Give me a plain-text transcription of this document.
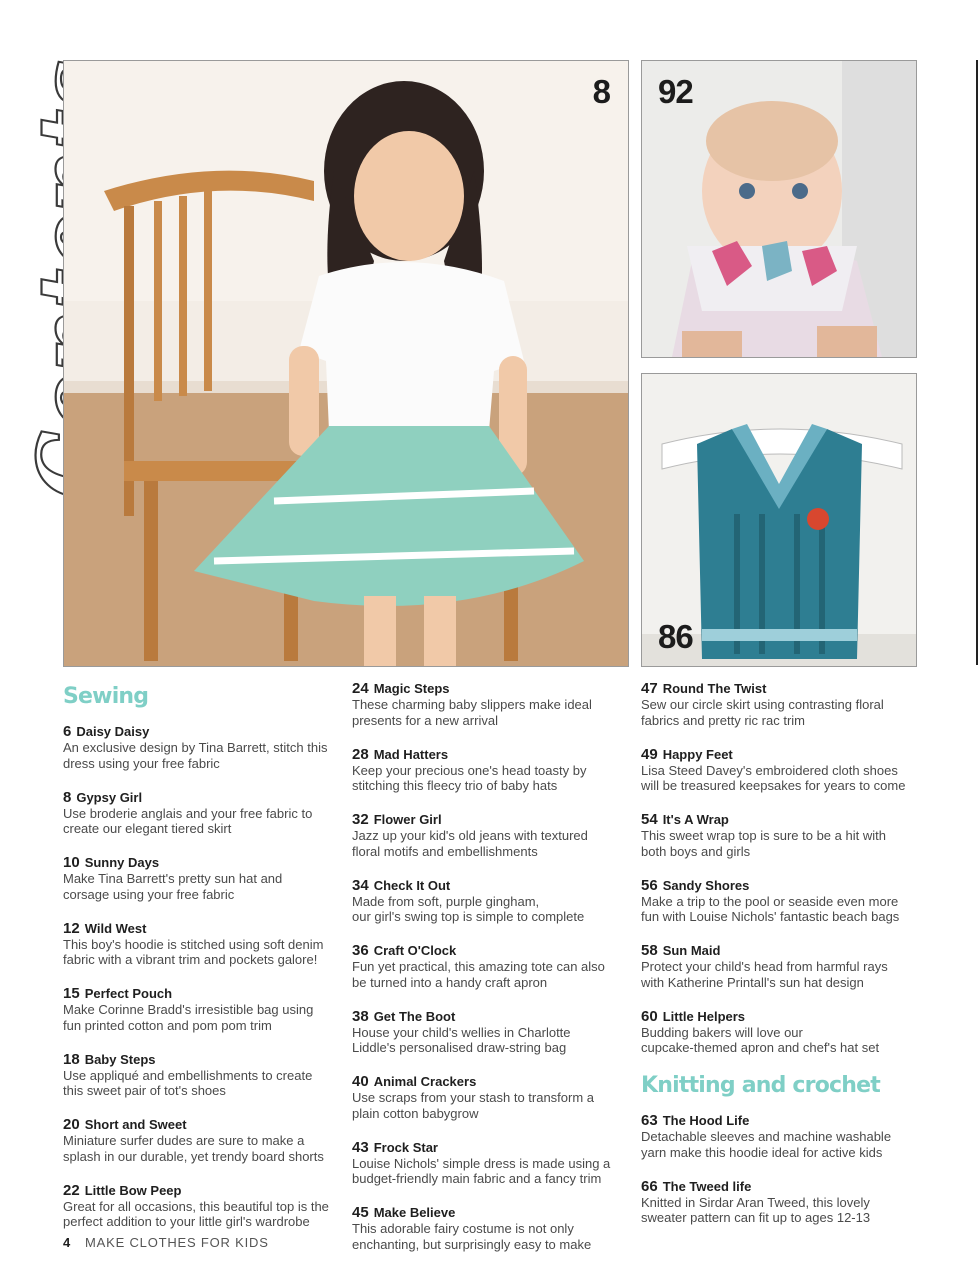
8 92
86
Sewing
6 Daisy Daisy
An exclusive design by Tina Barrett, stitch this
dress using your free fabric
8 Gypsy Girl
Use broderie anglais and your free fabric to
create our elegant tiered skirt
10 Sunny Days
Make Tina Barrett's pretty sun hat and
corsage using your free fabric
12 Wild West
This boy's hoodie is stitched using soft denim
fabric with a vibrant trim and pockets galore!
15 Perfect Pouch
Make Corinne Bradd's irresistible bag using
fun printed cotton and pom pom trim
18 Baby Steps
Use appliqué and embellishments to create
this sweet pair of tot's shoes
20 Short and Sweet
Miniature surfer dudes are sure to make a
splash in our durable, yet trendy board shorts
22 Little Bow Peep
Great for all occasions, this beautiful top is the
perfect addition to your little girl's wardrobe
24 Magic Steps
These charming baby slippers make ideal
presents for a new arrival
28 Mad Hatters
Keep your precious one's head toasty by
stitching this fleecy trio of baby hats
32 Flower Girl
Jazz up your kid's old jeans with textured
floral motifs and embellishments
34 Check It Out
Made from soft, purple gingham,
our girl's swing top is simple to complete
36 Craft O'Clock
Fun yet practical, this amazing tote can also
be turned into a handy craft apron
38 Get The Boot
House your child's wellies in Charlotte
Liddle's personalised draw-string bag
40 Animal Crackers
Use scraps from your stash to transform a
plain cotton babygrow
43 Frock Star
Louise Nichols' simple dress is made using a
budget-friendly main fabric and a fancy trim
45 Make Believe
This adorable fairy costume is not only
enchanting, but surprisingly easy to make
47 Round The Twist
Sew our circle skirt using contrasting floral
fabrics and pretty ric rac trim
49 Happy Feet
Lisa Steed Davey's embroidered cloth shoes
will be treasured keepsakes for years to come
54 It's A Wrap
This sweet wrap top is sure to be a hit with
both boys and girls
56 Sandy Shores
Make a trip to the pool or seaside even more
fun with Louise Nichols' fantastic beach bags
58 Sun Maid
Protect your child's head from harmful rays
with Katherine Printall's sun hat design
60 Little Helpers
Budding bakers will love our
cupcake-themed apron and chef's hat set
Knitting and crochet
63 The Hood Life
Detachable sleeves and machine washable
yarn make this hoodie ideal for active kids
66 The Tweed life
Knitted in Sirdar Aran Tweed, this lovely
sweater pattern can fit up to ages 12-13
4 MAKE CLOTHES FOR KIDS
